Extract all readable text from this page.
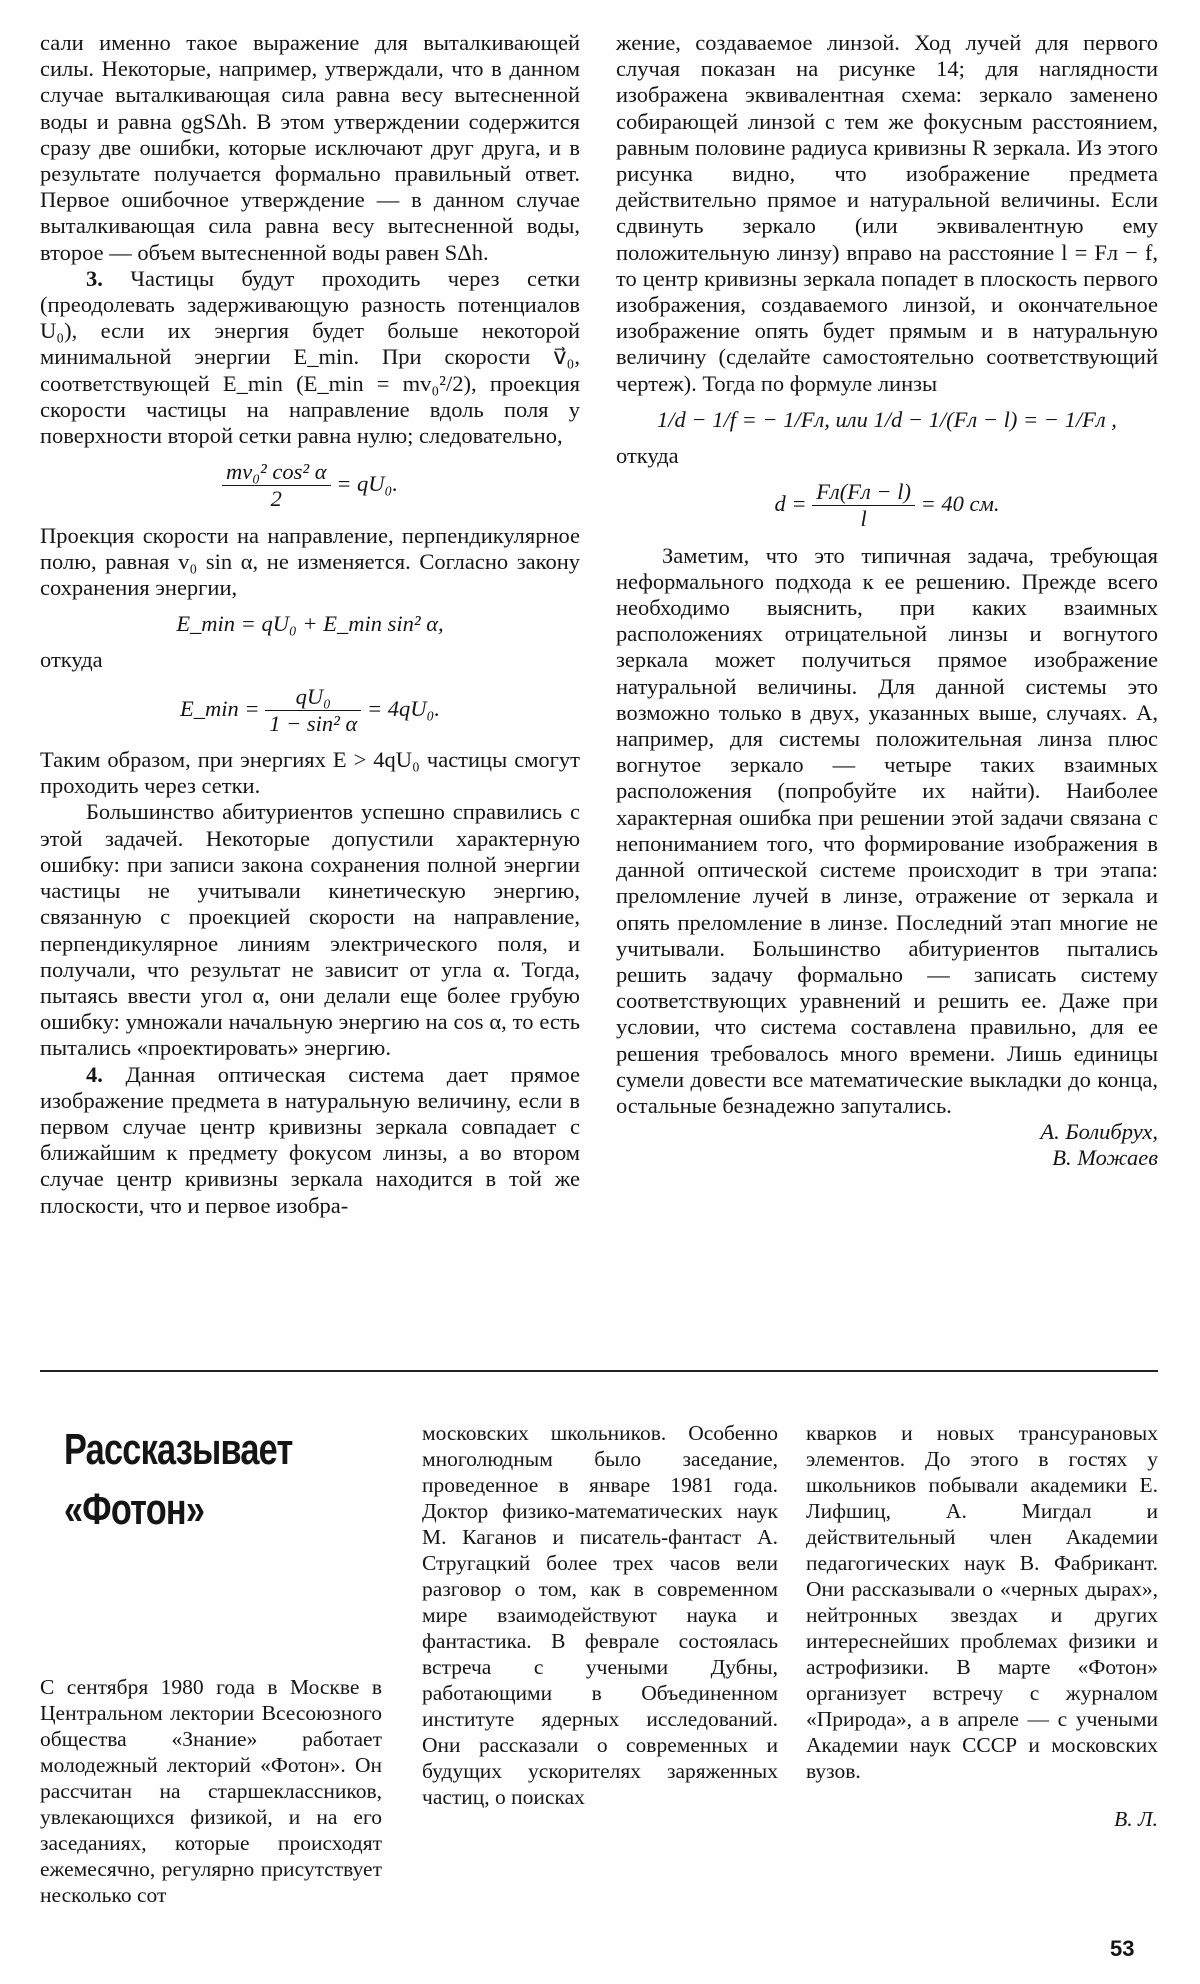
сали именно такое выражение для выталкивающей силы. Некоторые, например, утверждали, что в данном случае выталкивающая сила равна весу вытесненной воды и равна ϱgSΔh. В этом утверждении содержится сразу две ошибки, которые исключают друг друга, и в результате получается формально правильный ответ. Первое ошибочное утверждение — в данном случае выталкивающая сила равна весу вытесненной воды, второе — объем вытесненной воды равен SΔh.

3. Частицы будут проходить через сетки (преодолевать задерживающую разность потенциалов U₀), если их энергия будет больше некоторой минимальной энергии E_min. При скорости v⃗₀, соответствующей E_min (E_min = mv₀²/2), проекция скорости частицы на направление вдоль поля у поверхности второй сетки равна нулю; следовательно,

$\frac{\text{mv₀² cos² α}}{2} = qU_0$.

Проекция скорости на направление, перпендикулярное полю, равная v₀ sin α, не изменяется. Согласно закону сохранения энергии,

E_min = qU₀ + E_min sin² α,

откуда

E_min = $\frac{\text{qU₀}}{\text{1 − sin² α}} = 4qU_0$.

Таким образом, при энергиях E > 4qU₀ частицы смогут проходить через сетки.

Большинство абитуриентов успешно справились с этой задачей. Некоторые допустили характерную ошибку: при записи закона сохранения полной энергии частицы не учитывали кинетическую энергию, связанную с проекцией скорости на направление, перпендикулярное линиям электрического поля, и получали, что результат не зависит от угла α. Тогда, пытаясь ввести угол α, они делали еще более грубую ошибку: умножали начальную энергию на cos α, то есть пытались «проектировать» энергию.

4. Данная оптическая система дает прямое изображение предмета в натуральную величину, если в первом случае центр кривизны зеркала совпадает с ближайшим к предмету фокусом линзы, а во втором случае центр кривизны зеркала находится в той же плоскости, что и первое изобра-

жение, создаваемое линзой. Ход лучей для первого случая показан на рисунке 14; для наглядности изображена эквивалентная схема: зеркало заменено собирающей линзой с тем же фокусным расстоянием, равным половине радиуса кривизны R зеркала. Из этого рисунка видно, что изображение предмета действительно прямое и натуральной величины. Если сдвинуть зеркало (или эквивалентную ему положительную линзу) вправо на расстояние l = Fл − f, то центр кривизны зеркала попадет в плоскость первого изображения, создаваемого линзой, и окончательное изображение опять будет прямым и в натуральную величину (сделайте самостоятельно соответствующий чертеж). Тогда по формуле линзы

1/d − 1/f = − 1/Fл, или 1/d − 1/(Fл − l) = − 1/Fл ,

откуда

$d = \frac{Fл(Fл - l)}{l} = 40$ см.

Заметим, что это типичная задача, требующая неформального подхода к ее решению. Прежде всего необходимо выяснить, при каких взаимных расположениях отрицательной линзы и вогнутого зеркала может получиться прямое изображение натуральной величины. Для данной системы это возможно только в двух, указанных выше, случаях. А, например, для системы положительная линза плюс вогнутое зеркало — четыре таких взаимных расположения (попробуйте их найти). Наиболее характерная ошибка при решении этой задачи связана с непониманием того, что формирование изображения в данной оптической системе происходит в три этапа: преломление лучей в линзе, отражение от зеркала и опять преломление в линзе. Последний этап многие не учитывали. Большинство абитуриентов пытались решить задачу формально — записать систему соответствующих уравнений и решить ее. Даже при условии, что система составлена правильно, для ее решения требовалось много времени. Лишь единицы сумели довести все математические выкладки до конца, остальные безнадежно запутались.

А. Болибрух,

В. Можаев

Рассказывает
«Фотон»

С сентября 1980 года в Москве в Центральном лектории Всесоюзного общества «Знание» работает молодежный лекторий «Фотон». Он рассчитан на старшеклассников, увлекающихся физикой, и на его заседаниях, которые происходят ежемесячно, регулярно присутствует несколько сот

московских школьников. Особенно многолюдным было заседание, проведенное в январе 1981 года. Доктор физико-математических наук М. Каганов и писатель-фантаст А. Стругацкий более трех часов вели разговор о том, как в современном мире взаимодействуют наука и фантастика. В феврале состоялась встреча с учеными Дубны, работающими в Объединенном институте ядерных исследований. Они рассказали о современных и будущих ускорителях заряженных частиц, о поисках

кварков и новых трансурановых элементов. До этого в гостях у школьников побывали академики Е. Лифшиц, А. Мигдал и действительный член Академии педагогических наук В. Фабрикант. Они рассказывали о «черных дырах», нейтронных звездах и других интереснейших проблемах физики и астрофизики. В марте «Фотон» организует встречу с журналом «Природа», а в апреле — с учеными Академии наук СССР и московских вузов.

В. Л.

53
